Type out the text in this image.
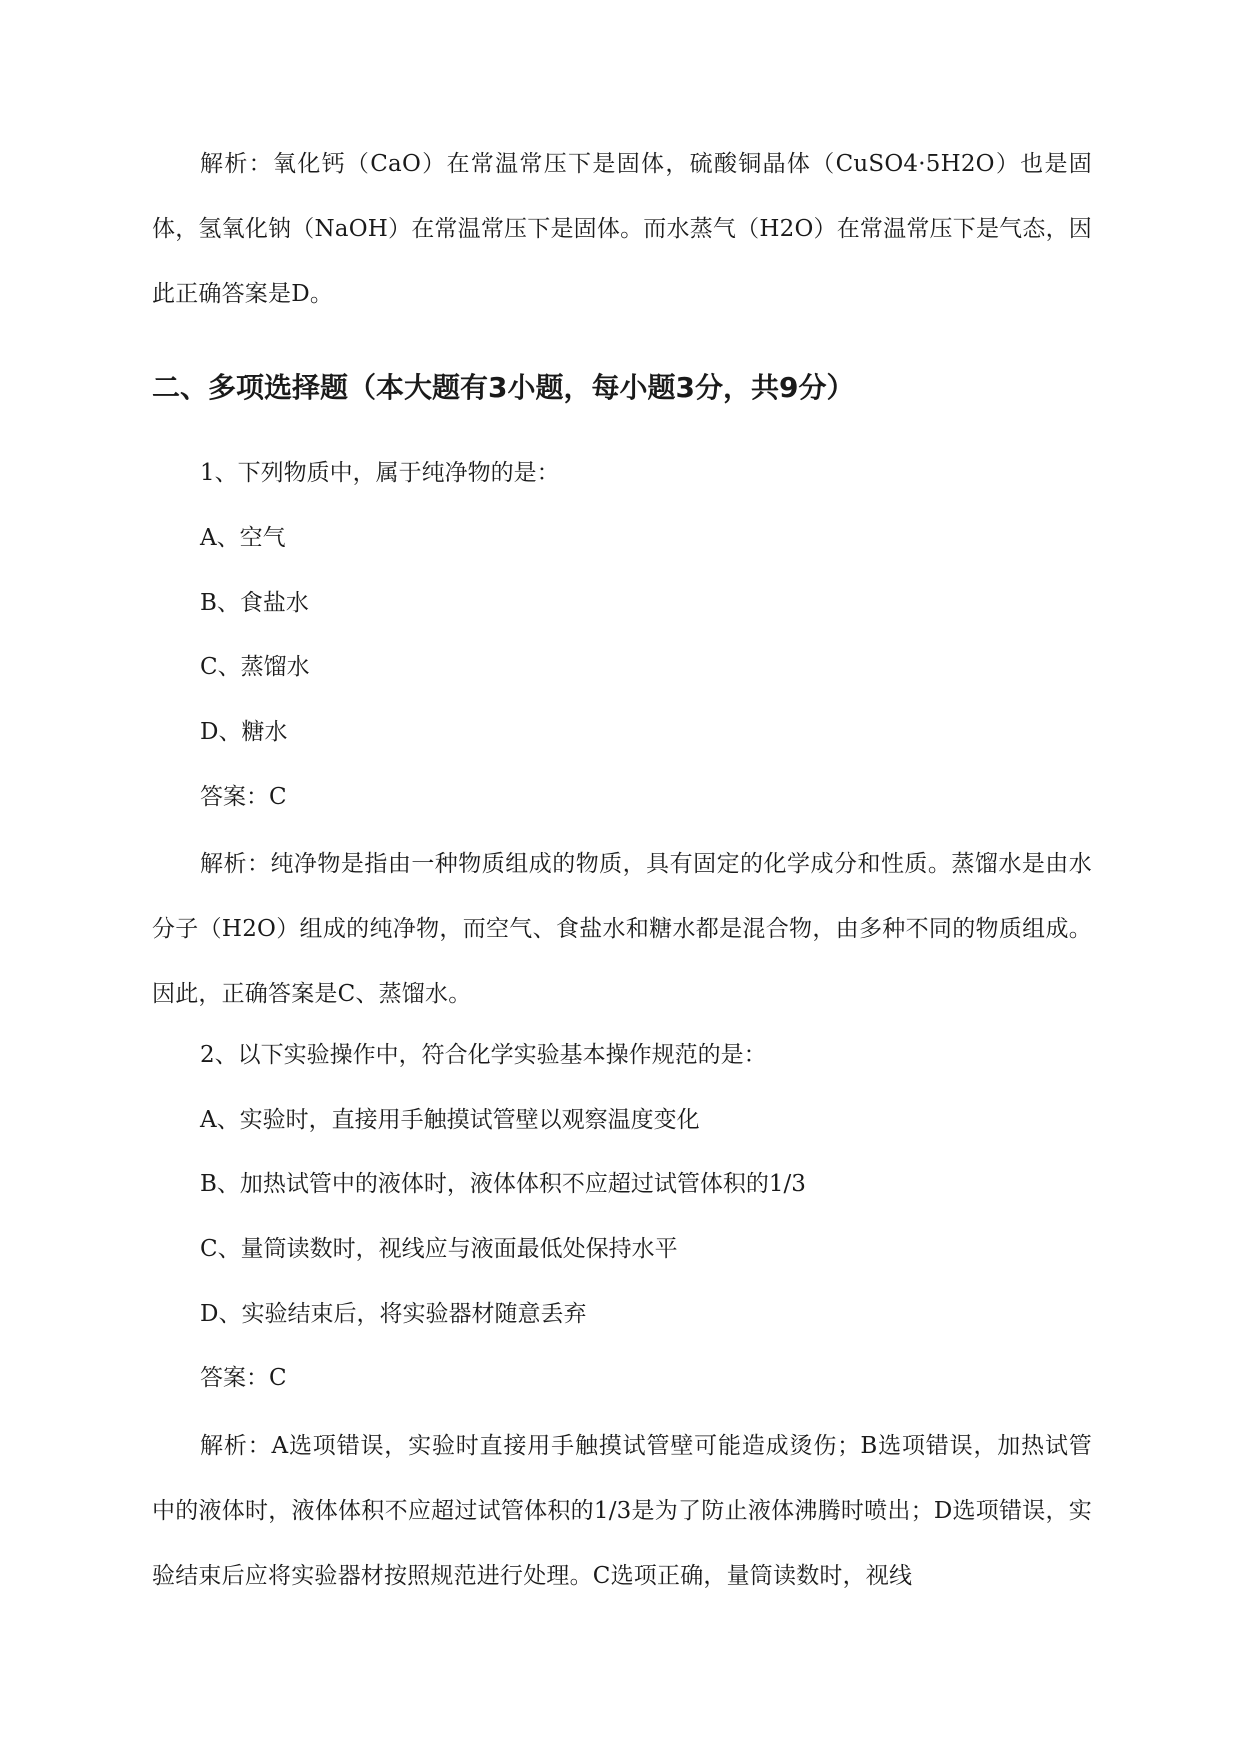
解析：氧化钙（CaO）在常温常压下是固体，硫酸铜晶体（CuSO4·5H2O）也是固体，氢氧化钠（NaOH）在常温常压下是固体。而水蒸气（H2O）在常温常压下是气态，因此正确答案是D。

二、多项选择题（本大题有3小题，每小题3分，共9分）

1、下列物质中，属于纯净物的是：

A、空气

B、食盐水

C、蒸馏水

D、糖水

答案：C

解析：纯净物是指由一种物质组成的物质，具有固定的化学成分和性质。蒸馏水是由水分子（H2O）组成的纯净物，而空气、食盐水和糖水都是混合物，由多种不同的物质组成。因此，正确答案是C、蒸馏水。

2、以下实验操作中，符合化学实验基本操作规范的是：

A、实验时，直接用手触摸试管壁以观察温度变化

B、加热试管中的液体时，液体体积不应超过试管体积的1/3

C、量筒读数时，视线应与液面最低处保持水平

D、实验结束后，将实验器材随意丢弃

答案：C

解析：A选项错误，实验时直接用手触摸试管壁可能造成烫伤；B选项错误，加热试管中的液体时，液体体积不应超过试管体积的1/3是为了防止液体沸腾时喷出；D选项错误，实验结束后应将实验器材按照规范进行处理。C选项正确，量筒读数时，视线
